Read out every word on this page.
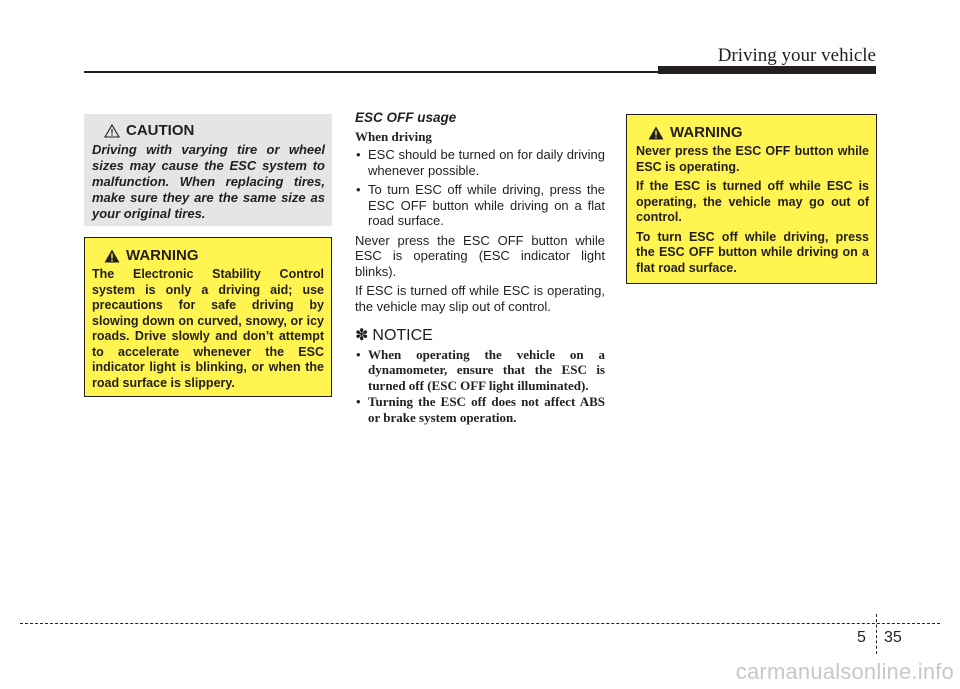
Driving your vehicle
CAUTION
Driving with varying tire or wheel sizes may cause the ESC system to malfunction. When replacing tires, make sure they are the same size as your original tires.
WARNING

The Electronic Stability Control system is only a driving aid; use precautions for safe driving by slowing down on curved, snowy, or icy roads. Drive slowly and don’t attempt to accelerate whenever the ESC indicator light is blinking, or when the road surface is slippery.

ESC OFF usage
When driving
• ESC should be turned on for daily driving whenever possible.
• To turn ESC off while driving, press the ESC OFF button while driving on a flat road surface.
Never press the ESC OFF button while ESC is operating (ESC indicator light blinks).
If ESC is turned off while ESC is operating, the vehicle may slip out of control.
✽ NOTICE
• When operating the vehicle on a dynamometer, ensure that the ESC is turned off (ESC OFF light illuminated).
• Turning the ESC off does not affect ABS or brake system operation.
WARNING

Never press the ESC OFF button while ESC is operating.

If the ESC is turned off while ESC is operating, the vehicle may go out of control.

To turn ESC off while driving, press the ESC OFF button while driving on a flat road surface.

5 35
carmanualsonline.info
